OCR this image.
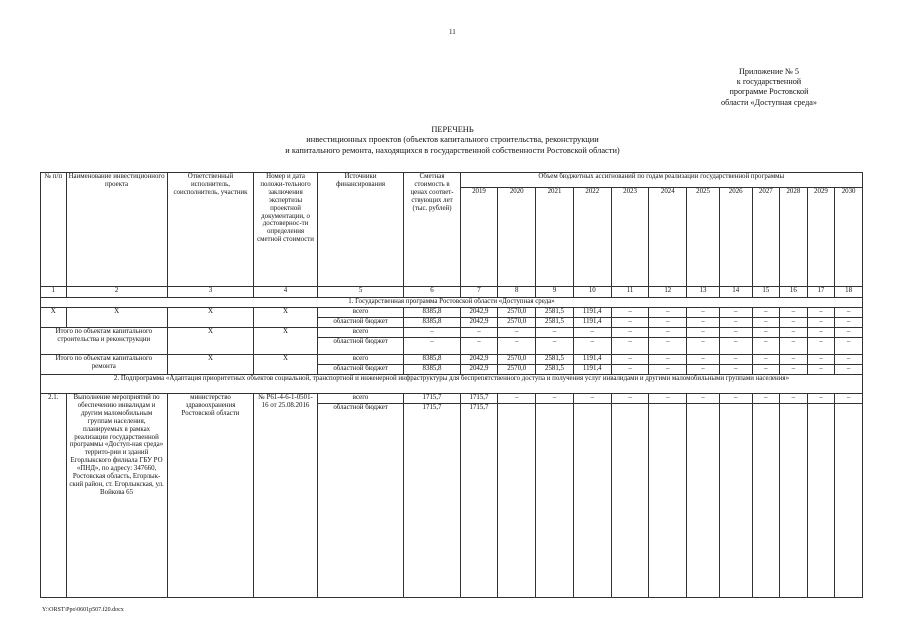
11
Приложение № 5
к государственной
программе Ростовской
области «Доступная среда»
ПЕРЕЧЕНЬ
инвестиционных проектов (объектов капитального строительства, реконструкции
и капитального ремонта, находящихся в государственной собственности Ростовской области)
№ п/п	Наименование инвестиционного проекта	Ответственный исполнитель, соисполнитель, участник	Номер и дата положи-тельного заключения экспертизы проектной документации, о достовернос-ти определения сметной стоимости	Источники финансирования	Сметная стоимость в ценах соответ-ствующих лет (тыс. рублей)	Объем бюджетных ассигнований по годам реализации государственной программы											
						2019	2020	2021	2022	2023	2024	2025	2026	2027	2028	2029	2030
1	2	3	4	5	6	7	8	9	10	11	12	13	14	15	16	17	18
1. Государственная программа Ростовской области «Доступная среда»																	
Х	Х	Х	Х	всего	8385,8	2042,9	2570,0	2581,5	1191,4	–	–	–	–	–	–	–	–
				областной бюджет	8385,8	2042,9	2570,0	2581,5	1191,4	–	–	–	–	–	–	–	–
Итого по объектам капитального строительства и реконструкции		Х	Х	всего	–	–	–	–	–	–	–	–	–	–	–	–	–
				областной бюджет	–	–	–	–	–	–	–	–	–	–	–	–	–
Итого по объектам капитального ремонта		Х	Х	всего	8385,8	2042,9	2570,0	2581,5	1191,4	–	–	–	–	–	–	–	–
				областной бюджет	8385,8	2042,9	2570,0	2581,5	1191,4	–	–	–	–	–	–	–	–
2. Подпрограмма «Адаптация приоритетных объектов социальной, транспортной и инженерной инфраструктуры для беспрепятственного доступа и получения услуг инвалидами и другими маломобильными группами населения»																	
2.1.	Выполнение мероприятий по обеспечению инвалидам и другим маломобильным группам населения, планируемых в рамках реализации государственной программы «Доступ-ная среда» террито-рии и зданий Егорлыкского филиала ГБУ РО «ПНД», по адресу: 347660, Ростовская область, Егорлык-ский район, ст. Егорлыкская, ул. Войкова 65	министерство здравоохранения Ростовской области	№ Р61-4-6-1-0501-16 от 25.08.2016	всего	1715,7	1715,7	–	–	–	–	–	–	–	–	–	–	–
				областной бюджет	1715,7	1715,7											
Y:\ORST\Ppo\0601p507.f20.docx
